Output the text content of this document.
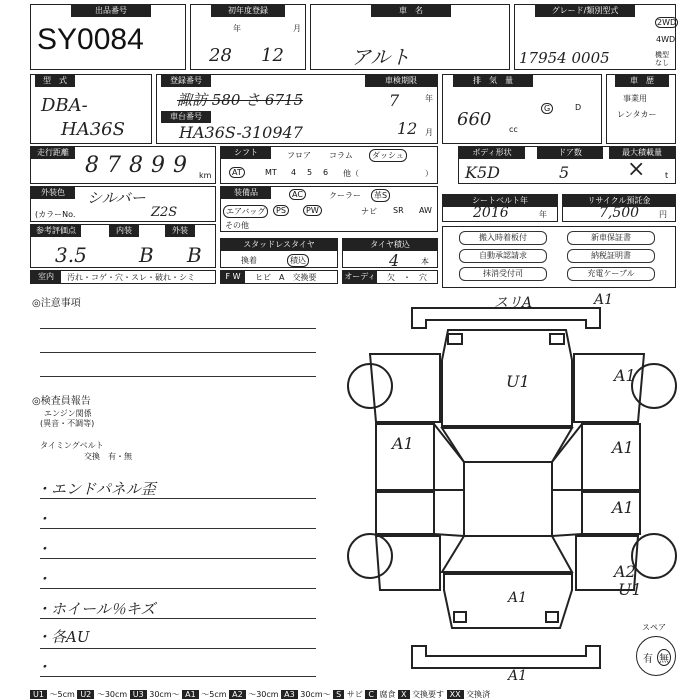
出品番号
SY0084
初年度登録
年	月
28 12
車　名
アルト
グレード/類別型式
17954 0005
2WD
4WD
機型なし
型　式
DBA-
HA36S
登録番号
諏訪 580 さ 6715
車台番号
HA36S-310947
車検期限
7
12
年
月
排　気　量
660 cc
G	D
車　歴
事業用
レンタカー
走行距離
87899 km
シフト	フロア コラム	ダッシュ
AT	MT 4 5 6 他（	）
ボディ形状
K5D
ドア数
5
最大積載量
× t
外装色	シルバー
(カラーNo.	Z2S
装備品	AC	クーラー	革S
エアバッグ	PS	PW	ナビ SR AW
その他
シートベルト年
2016	年
リサイクル預託金
7,500 円
参考評価点
3.5
内装
B
外装
B	スタッドレスタイヤ
換着	積込
タイヤ積込
4	本
搬入時着板付	新車保証書
自動承認請求	納税証明書
抹消受付司	充電ケーブル
室内	汚れ・コゲ・穴・スレ・破れ・シミ	F W	ヒビ　A　交換要	オーディオ
欠　・　穴
◎注意事項
◎検査員報告
エンジン関係
(異音・不調等)
タイミングベルト
交換　有・無
・エンドパネル歪
・
・
・
・ホイール％キズ
・各AU
・
スリA	A1
U1	A1
A1	A1
A1
A2
U1
A1
A1
スペア
有 無
U1 ～5cm U2 ～30cm U3 30cm～ A1 ～5cm A2 ～30cm A3 30cm～ S サビ C 腐食 X 交換要す XX 交換済
